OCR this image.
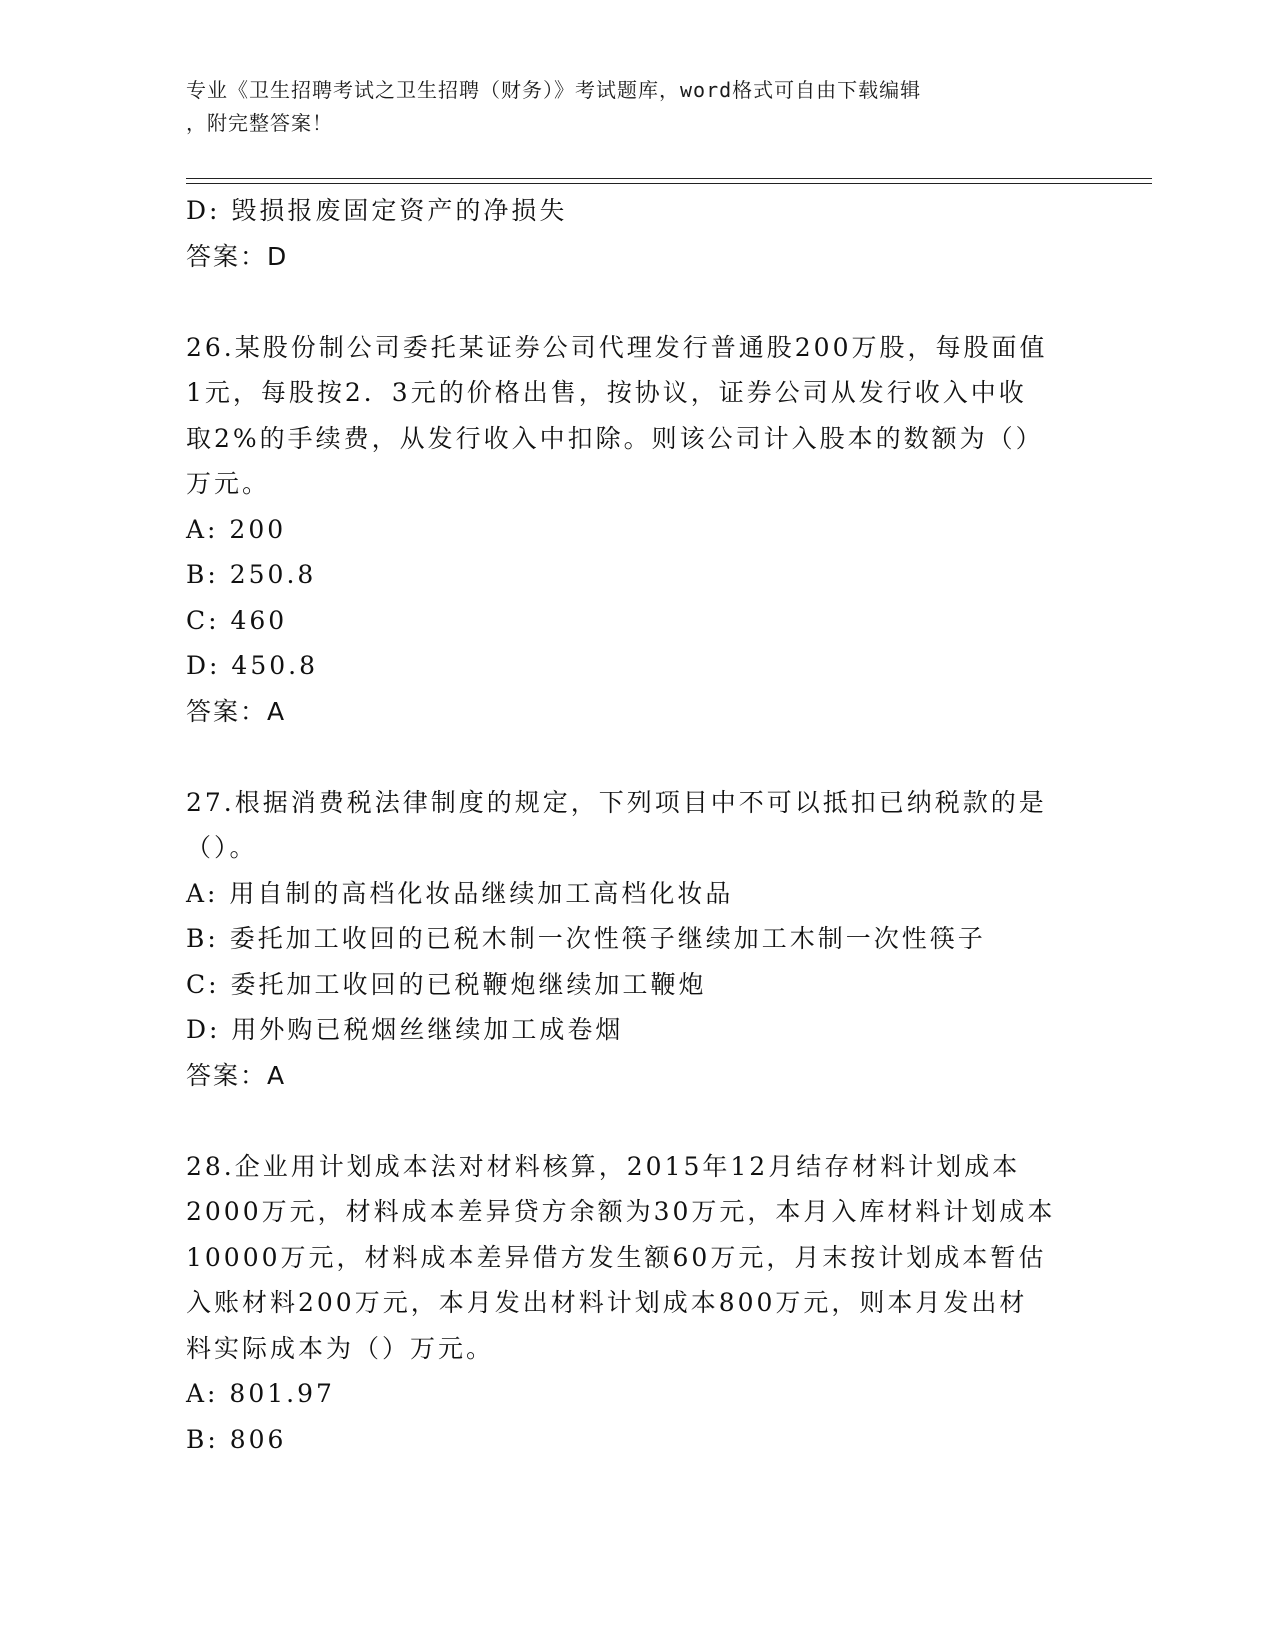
专业《卫生招聘考试之卫生招聘（财务）》考试题库，word格式可自由下载编辑
，附完整答案！
D: 毁损报废固定资产的净损失
答案：D
26.某股份制公司委托某证券公司代理发行普通股200万股，每股面值
1元，每股按2．3元的价格出售，按协议，证券公司从发行收入中收
取2%的手续费，从发行收入中扣除。则该公司计入股本的数额为（）
万元。
A: 200
B: 250.8
C: 460
D: 450.8
答案：A
27.根据消费税法律制度的规定，下列项目中不可以抵扣已纳税款的是
（）。
A: 用自制的高档化妆品继续加工高档化妆品
B: 委托加工收回的已税木制一次性筷子继续加工木制一次性筷子
C: 委托加工收回的已税鞭炮继续加工鞭炮
D: 用外购已税烟丝继续加工成卷烟
答案：A
28.企业用计划成本法对材料核算，2015年12月结存材料计划成本
2000万元，材料成本差异贷方余额为30万元，本月入库材料计划成本
10000万元，材料成本差异借方发生额60万元，月末按计划成本暂估
入账材料200万元，本月发出材料计划成本800万元，则本月发出材
料实际成本为（）万元。
A: 801.97
B: 806
